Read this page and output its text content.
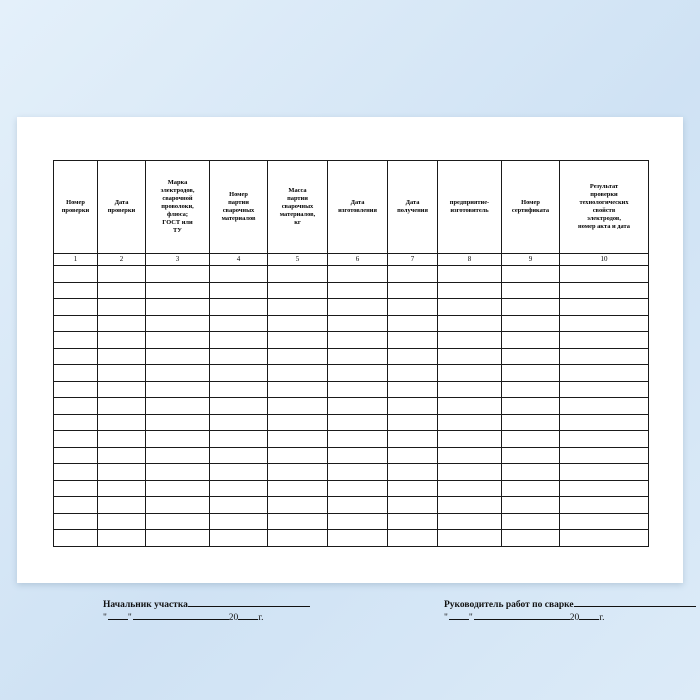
Номер
проверки	Дата
проверки	Марка
электродов,
сварочной
проволоки,
флюса;
ГОСТ или
ТУ	Номер
партии
сварочных
материалов	Масса
партии
сварочных
материалов,
кг	Дата
изготовления	Дата
получения	предприятие-
изготовитель	Номер
сертификата	Результат
проверки
технологических
свойств
электродов,
номер акта и дата
1	2	3	4	5	6	7	8	9	10

Начальник участка	Руководитель работ по сварке
" "	20 г.	" "	20 г.
